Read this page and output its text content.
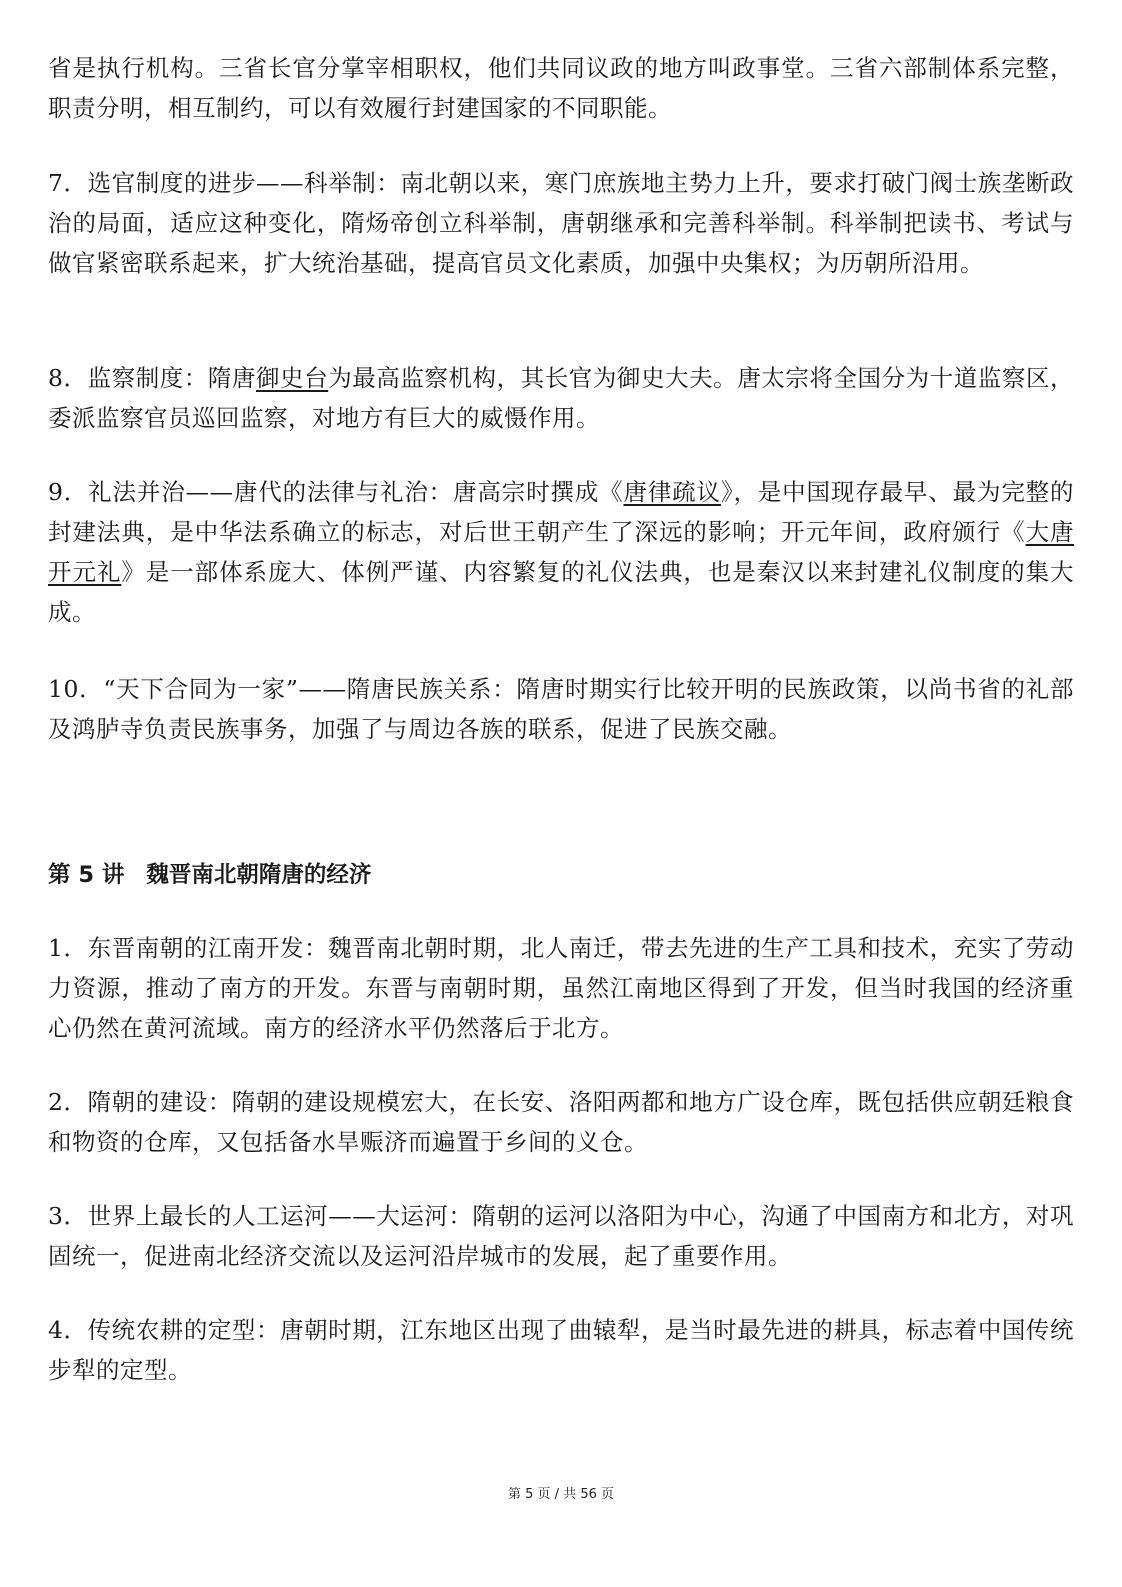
省是执行机构。三省长官分掌宰相职权，他们共同议政的地方叫政事堂。三省六部制体系完整，职责分明，相互制约，可以有效履行封建国家的不同职能。

7．选官制度的进步——科举制：南北朝以来，寒门庶族地主势力上升，要求打破门阀士族垄断政治的局面，适应这种变化，隋炀帝创立科举制，唐朝继承和完善科举制。科举制把读书、考试与做官紧密联系起来，扩大统治基础，提高官员文化素质，加强中央集权；为历朝所沿用。

8．监察制度：隋唐御史台为最高监察机构，其长官为御史大夫。唐太宗将全国分为十道监察区，委派监察官员巡回监察，对地方有巨大的威慑作用。

9．礼法并治——唐代的法律与礼治：唐高宗时撰成《唐律疏议》，是中国现存最早、最为完整的封建法典，是中华法系确立的标志，对后世王朝产生了深远的影响；开元年间，政府颁行《大唐开元礼》是一部体系庞大、体例严谨、内容繁复的礼仪法典，也是秦汉以来封建礼仪制度的集大成。

10．“天下合同为一家”——隋唐民族关系：隋唐时期实行比较开明的民族政策，以尚书省的礼部及鸿胪寺负责民族事务，加强了与周边各族的联系，促进了民族交融。

第 5 讲 魏晋南北朝隋唐的经济

1．东晋南朝的江南开发：魏晋南北朝时期，北人南迁，带去先进的生产工具和技术，充实了劳动力资源，推动了南方的开发。东晋与南朝时期，虽然江南地区得到了开发，但当时我国的经济重心仍然在黄河流域。南方的经济水平仍然落后于北方。

2．隋朝的建设：隋朝的建设规模宏大，在长安、洛阳两都和地方广设仓库，既包括供应朝廷粮食和物资的仓库，又包括备水旱赈济而遍置于乡间的义仓。

3．世界上最长的人工运河——大运河：隋朝的运河以洛阳为中心，沟通了中国南方和北方，对巩固统一，促进南北经济交流以及运河沿岸城市的发展，起了重要作用。

4．传统农耕的定型：唐朝时期，江东地区出现了曲辕犁，是当时最先进的耕具，标志着中国传统步犁的定型。

第 5 页 / 共 56 页
